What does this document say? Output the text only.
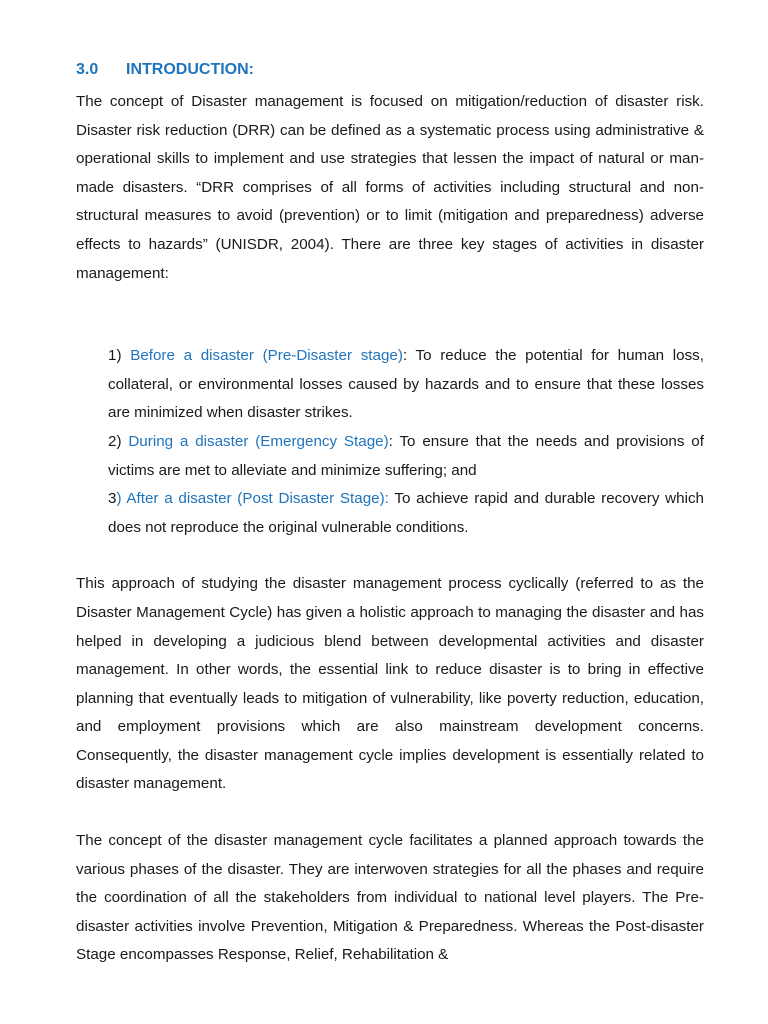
3.0 INTRODUCTION:

The concept of Disaster management is focused on mitigation/reduction of disaster risk. Disaster risk reduction (DRR) can be defined as a systematic process using administrative & operational skills to implement and use strategies that lessen the impact of natural or man-made disasters. “DRR comprises of all forms of activities including structural and non-structural measures to avoid (prevention) or to limit (mitigation and preparedness) adverse effects to hazards” (UNISDR, 2004). There are three key stages of activities in disaster management:

1) Before a disaster (Pre-Disaster stage): To reduce the potential for human loss, collateral, or environmental losses caused by hazards and to ensure that these losses are minimized when disaster strikes.

2) During a disaster (Emergency Stage): To ensure that the needs and provisions of victims are met to alleviate and minimize suffering; and

3) After a disaster (Post Disaster Stage): To achieve rapid and durable recovery which does not reproduce the original vulnerable conditions.

This approach of studying the disaster management process cyclically (referred to as the Disaster Management Cycle) has given a holistic approach to managing the disaster and has helped in developing a judicious blend between developmental activities and disaster management. In other words, the essential link to reduce disaster is to bring in effective planning that eventually leads to mitigation of vulnerability, like poverty reduction, education, and employment provisions which are also mainstream development concerns. Consequently, the disaster management cycle implies development is essentially related to disaster management.

The concept of the disaster management cycle facilitates a planned approach towards the various phases of the disaster. They are interwoven strategies for all the phases and require the coordination of all the stakeholders from individual to national level players. The Pre-disaster activities involve Prevention, Mitigation & Preparedness. Whereas the Post-disaster Stage encompasses Response, Relief, Rehabilitation &
